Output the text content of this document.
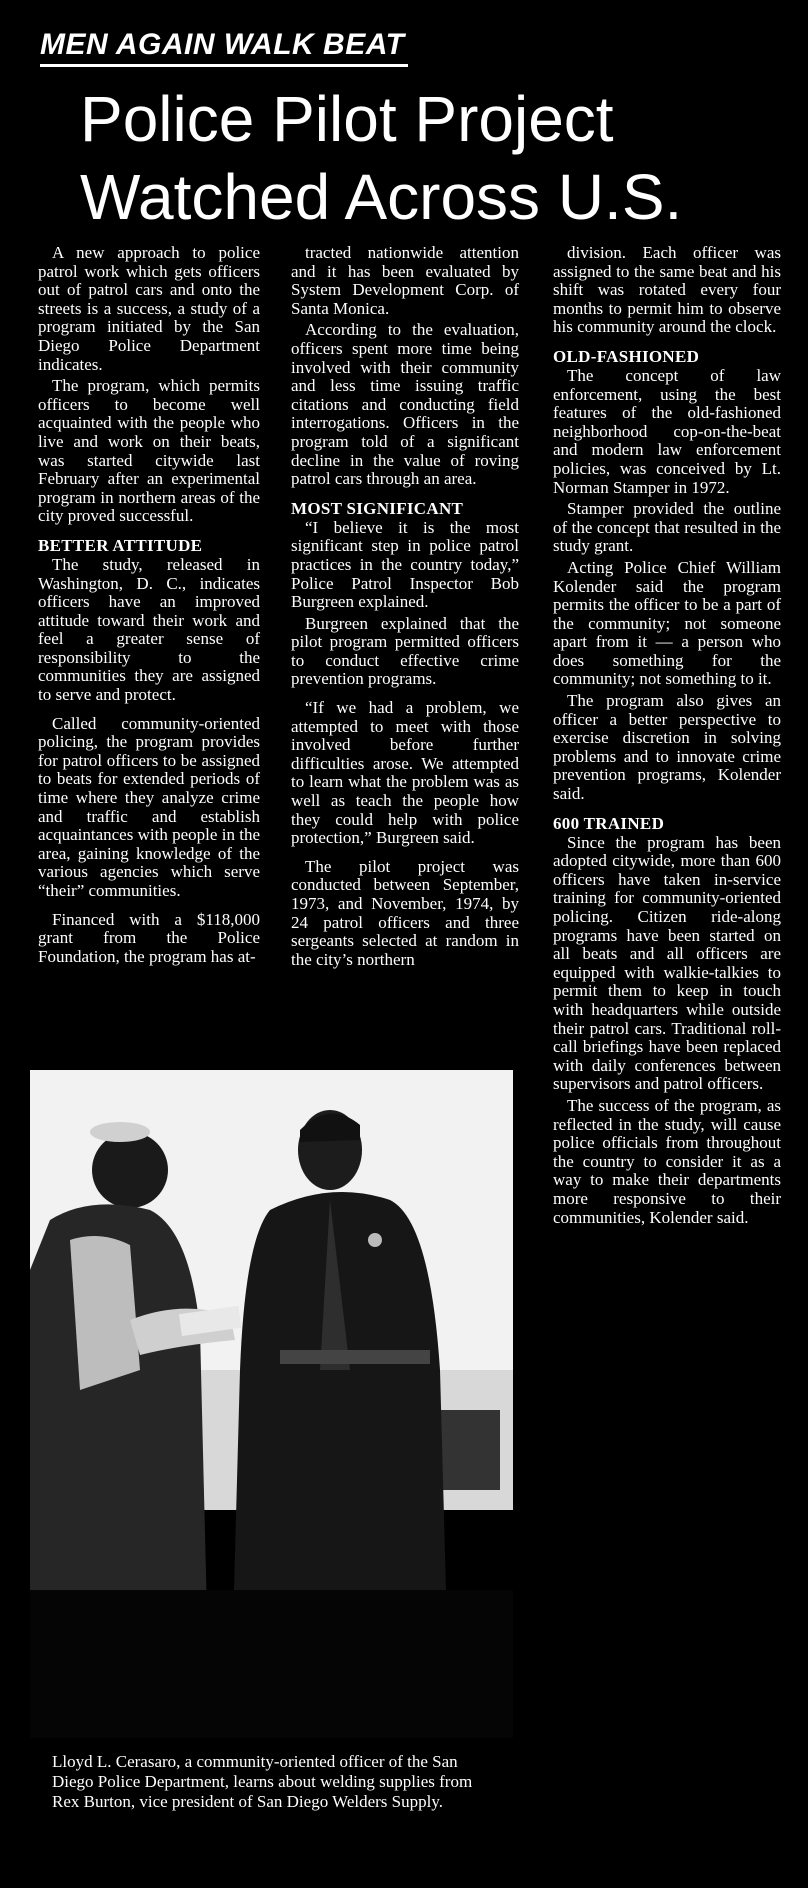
MEN AGAIN WALK BEAT
Police Pilot Project
Watched Across U.S.

A new approach to police patrol work which gets officers out of patrol cars and onto the streets is a success, a study of a program initiated by the San Diego Police Department indicates.

The program, which permits officers to become well acquainted with the people who live and work on their beats, was started citywide last February after an experimental program in northern areas of the city proved successful.

BETTER ATTITUDE

The study, released in Washington, D. C., indicates officers have an improved attitude toward their work and feel a greater sense of responsibility to the communities they are assigned to serve and protect.

Called community-oriented policing, the program provides for patrol officers to be assigned to beats for extended periods of time where they analyze crime and traffic and establish acquaintances with people in the area, gaining knowledge of the various agencies which serve “their” communities.

Financed with a $118,000 grant from the Police Foundation, the program has at-

tracted nationwide attention and it has been evaluated by System Development Corp. of Santa Monica.

According to the evaluation, officers spent more time being involved with their community and less time issuing traffic citations and conducting field interrogations. Officers in the program told of a significant decline in the value of roving patrol cars through an area.

MOST SIGNIFICANT

“I believe it is the most significant step in police patrol practices in the country today,” Police Patrol Inspector Bob Burgreen explained.

Burgreen explained that the pilot program permitted officers to conduct effective crime prevention programs.

“If we had a problem, we attempted to meet with those involved before further difficulties arose. We attempted to learn what the problem was as well as teach the people how they could help with police protection,” Burgreen said.

The pilot project was conducted between September, 1973, and November, 1974, by 24 patrol officers and three sergeants selected at random in the city’s northern

division. Each officer was assigned to the same beat and his shift was rotated every four months to permit him to observe his community around the clock.

OLD-FASHIONED

The concept of law enforcement, using the best features of the old-fashioned neighborhood cop-on-the-beat and modern law enforcement policies, was conceived by Lt. Norman Stamper in 1972.

Stamper provided the outline of the concept that resulted in the study grant.

Acting Police Chief William Kolender said the program permits the officer to be a part of the community; not someone apart from it — a person who does something for the community; not something to it.

The program also gives an officer a better perspective to exercise discretion in solving problems and to innovate crime prevention programs, Kolender said.

600 TRAINED

Since the program has been adopted citywide, more than 600 officers have taken in-service training for community-oriented policing. Citizen ride-along programs have been started on all beats and all officers are equipped with walkie-talkies to permit them to keep in touch with headquarters while outside their patrol cars. Traditional roll-call briefings have been replaced with daily conferences between supervisors and patrol officers.

The success of the program, as reflected in the study, will cause police officials from throughout the country to consider it as a way to make their departments more responsive to their communities, Kolender said.

Lloyd L. Cerasaro, a community-oriented officer of the San Diego Police Department, learns about welding supplies from Rex Burton, vice president of San Diego Welders Supply.
